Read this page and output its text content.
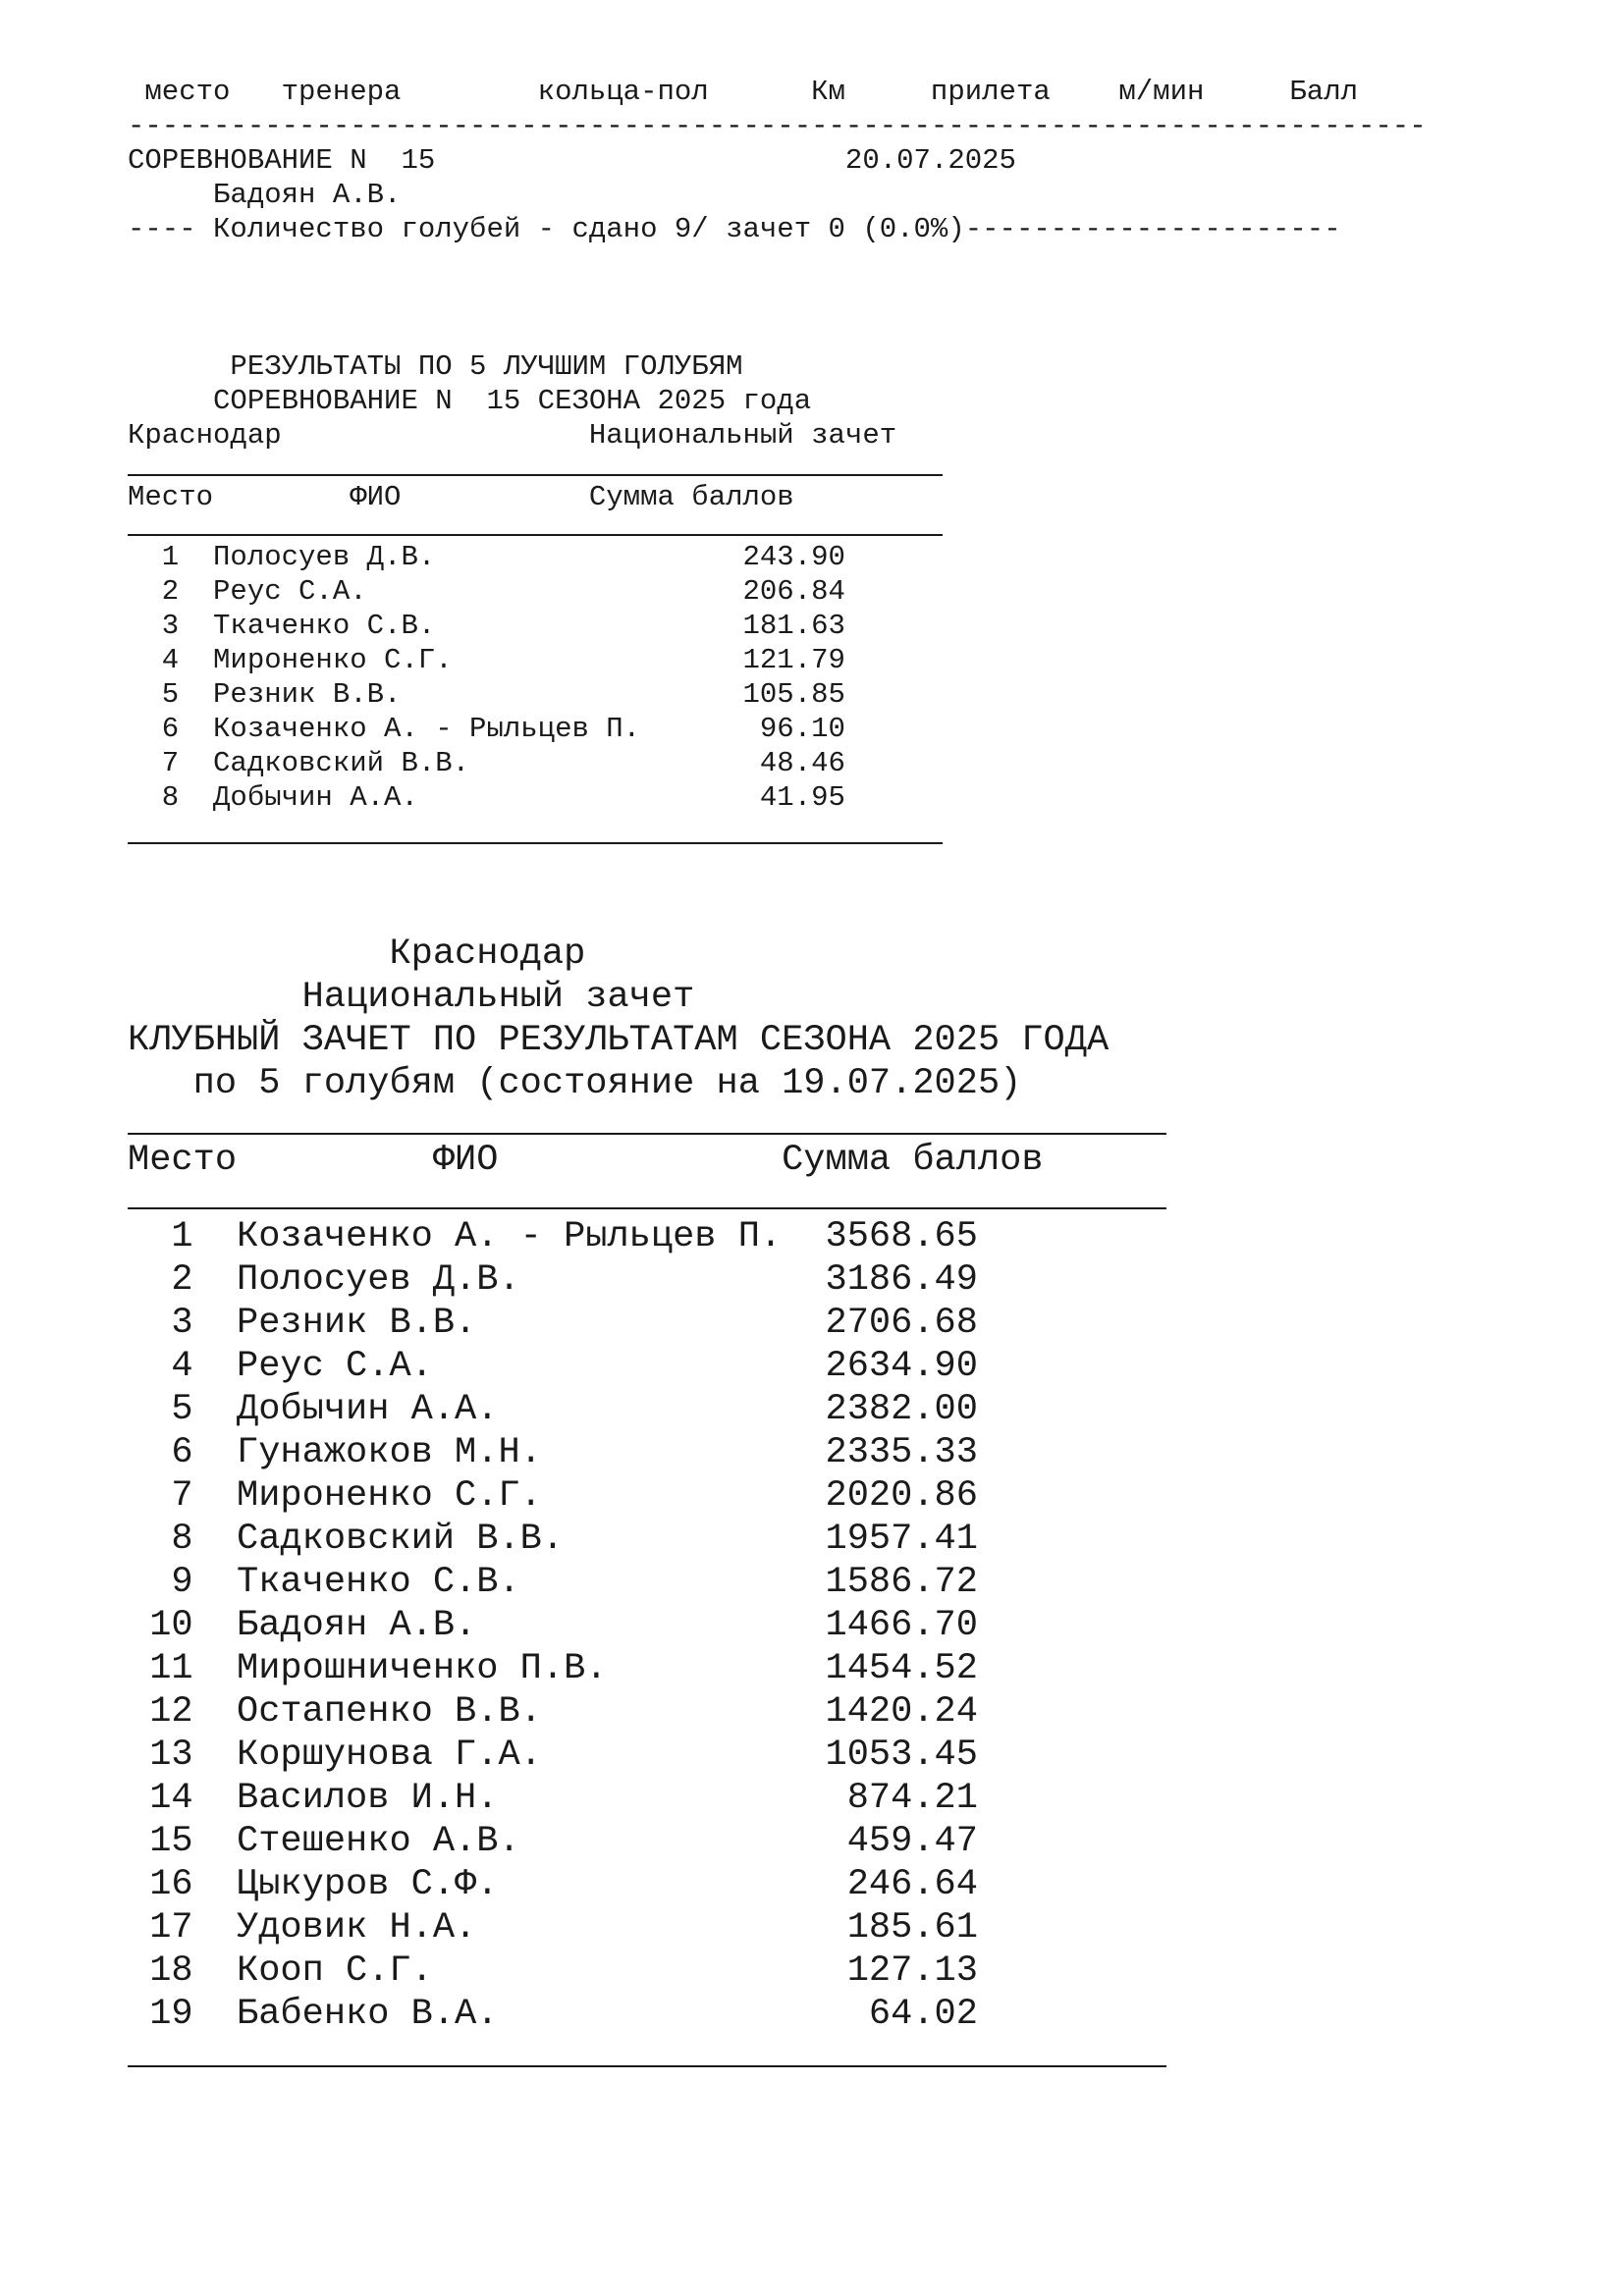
место   тренера        кольца-пол      Км     прилета    м/мин     Балл
----------------------------------------------------------------------------
СОРЕВНОВАНИЕ N  15                        20.07.2025
Бадоян А.В.
---- Количество голубей - сдано 9/ зачет 0 (0.0%)----------------------
РЕЗУЛЬТАТЫ ПО 5 ЛУЧШИМ ГОЛУБЯМ
СОРЕВНОВАНИЕ N  15 СЕЗОНА 2025 года
Краснодар                  Национальный зачет
Место        ФИО           Сумма баллов
1  Полосуев Д.В.                  243.90
2  Реус С.А.                      206.84
3  Ткаченко С.В.                  181.63
4  Мироненко С.Г.                 121.79
5  Резник В.В.                    105.85
6  Козаченко А. - Рыльцев П.       96.10
7  Садковский В.В.                 48.46
8  Добычин А.А.                    41.95
Краснодар
Национальный зачет
КЛУБНЫЙ ЗАЧЕТ ПО РЕЗУЛЬТАТАМ СЕЗОНА 2025 ГОДА
по 5 голубям (состояние на 19.07.2025)
Место         ФИО             Сумма баллов
1  Козаченко А. - Рыльцев П.  3568.65
2  Полосуев Д.В.              3186.49
3  Резник В.В.                2706.68
4  Реус С.А.                  2634.90
5  Добычин А.А.               2382.00
6  Гунажоков М.Н.             2335.33
7  Мироненко С.Г.             2020.86
8  Садковский В.В.            1957.41
9  Ткаченко С.В.              1586.72
10  Бадоян А.В.                1466.70
11  Мирошниченко П.В.          1454.52
12  Остапенко В.В.             1420.24
13  Коршунова Г.А.             1053.45
14  Василов И.Н.                874.21
15  Стешенко А.В.               459.47
16  Цыкуров С.Ф.                246.64
17  Удовик Н.А.                 185.61
18  Кооп С.Г.                   127.13
19  Бабенко В.А.                 64.02
